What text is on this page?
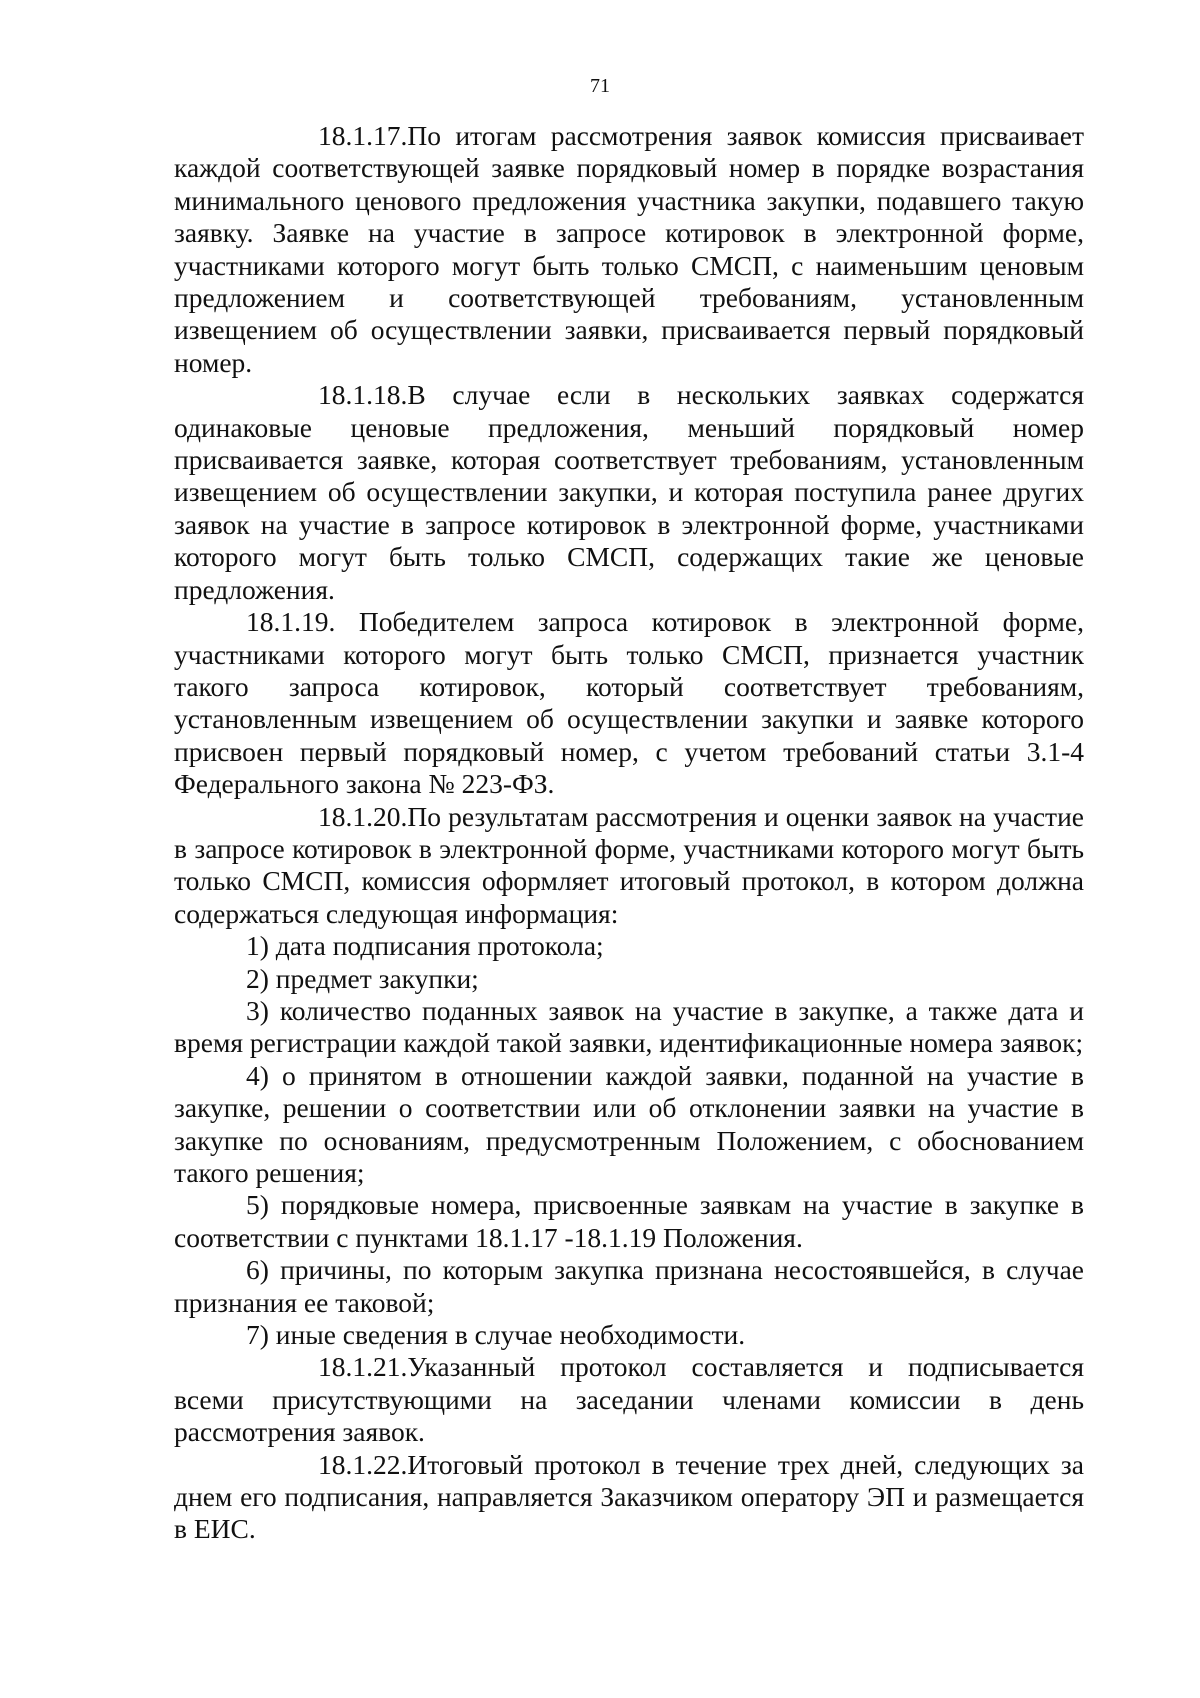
71

18.1.17.По итогам рассмотрения заявок комиссия присваивает каждой соответствующей заявке порядковый номер в порядке возрастания минимального ценового предложения участника закупки, подавшего такую заявку. Заявке на участие в запросе котировок в электронной форме, участниками которого могут быть только СМСП, с наименьшим ценовым предложением и соответствующей требованиям, установленным извещением об осуществлении заявки, присваивается первый порядковый номер.

18.1.18.В случае если в нескольких заявках содержатся одинаковые ценовые предложения, меньший порядковый номер присваивается заявке, которая соответствует требованиям, установленным извещением об осуществлении закупки, и которая поступила ранее других заявок на участие в запросе котировок в электронной форме, участниками которого могут быть только СМСП, содержащих такие же ценовые предложения.

18.1.19. Победителем запроса котировок в электронной форме, участниками которого могут быть только СМСП, признается участник такого запроса котировок, который соответствует требованиям, установленным извещением об осуществлении закупки и заявке которого присвоен первый порядковый номер, с учетом требований статьи 3.1-4 Федерального закона № 223-ФЗ.

18.1.20.По результатам рассмотрения и оценки заявок на участие в запросе котировок в электронной форме, участниками которого могут быть только СМСП, комиссия оформляет итоговый протокол, в котором должна содержаться следующая информация:

1) дата подписания протокола;

2) предмет закупки;

3) количество поданных заявок на участие в закупке, а также дата и время регистрации каждой такой заявки, идентификационные номера заявок;

4) о принятом в отношении каждой заявки, поданной на участие в закупке, решении о соответствии или об отклонении заявки на участие в закупке по основаниям, предусмотренным Положением, с обоснованием такого решения;

5) порядковые номера, присвоенные заявкам на участие в закупке в соответствии с пунктами 18.1.17 -18.1.19 Положения.

6) причины, по которым закупка признана несостоявшейся, в случае признания ее таковой;

7) иные сведения в случае необходимости.

18.1.21.Указанный протокол составляется и подписывается всеми присутствующими на заседании членами комиссии в день рассмотрения заявок.

18.1.22.Итоговый протокол в течение трех дней, следующих за днем его подписания, направляется Заказчиком оператору ЭП и размещается в ЕИС.
